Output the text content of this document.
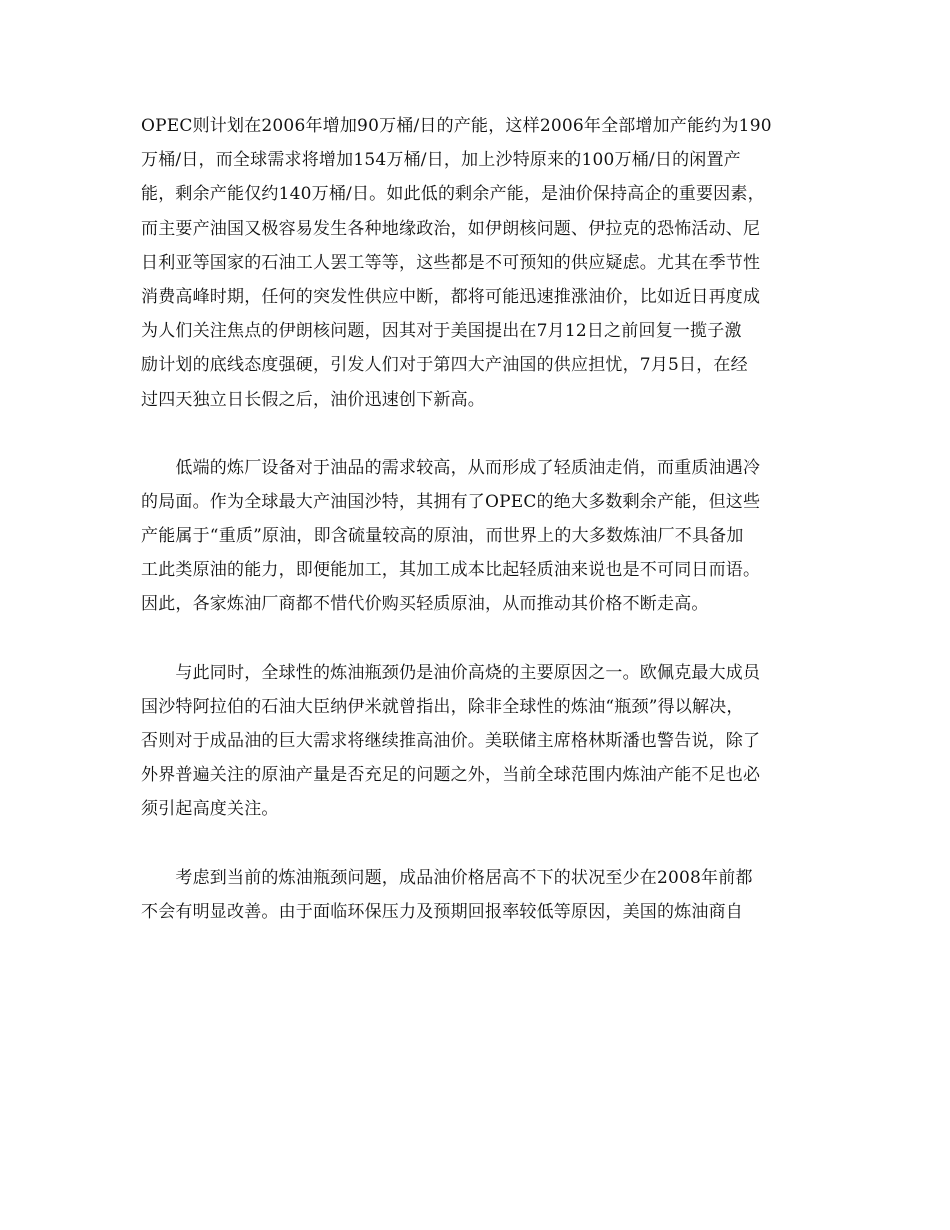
OPEC则计划在2006年增加90万桶/日的产能，这样2006年全部增加产能约为190
万桶/日，而全球需求将增加154万桶/日，加上沙特原来的100万桶/日的闲置产
能，剩余产能仅约140万桶/日。如此低的剩余产能，是油价保持高企的重要因素，
而主要产油国又极容易发生各种地缘政治，如伊朗核问题、伊拉克的恐怖活动、尼
日利亚等国家的石油工人罢工等等，这些都是不可预知的供应疑虑。尤其在季节性
消费高峰时期，任何的突发性供应中断，都将可能迅速推涨油价，比如近日再度成
为人们关注焦点的伊朗核问题，因其对于美国提出在7月12日之前回复一揽子激
励计划的底线态度强硬，引发人们对于第四大产油国的供应担忧，7月5日，在经
过四天独立日长假之后，油价迅速创下新高。

　　低端的炼厂设备对于油品的需求较高，从而形成了轻质油走俏，而重质油遇冷
的局面。作为全球最大产油国沙特，其拥有了OPEC的绝大多数剩余产能，但这些
产能属于“重质”原油，即含硫量较高的原油，而世界上的大多数炼油厂不具备加
工此类原油的能力，即便能加工，其加工成本比起轻质油来说也是不可同日而语。
因此，各家炼油厂商都不惜代价购买轻质原油，从而推动其价格不断走高。

　　与此同时，全球性的炼油瓶颈仍是油价高烧的主要原因之一。欧佩克最大成员
国沙特阿拉伯的石油大臣纳伊米就曾指出，除非全球性的炼油“瓶颈”得以解决，
否则对于成品油的巨大需求将继续推高油价。美联储主席格林斯潘也警告说，除了
外界普遍关注的原油产量是否充足的问题之外，当前全球范围内炼油产能不足也必
须引起高度关注。

　　考虑到当前的炼油瓶颈问题，成品油价格居高不下的状况至少在2008年前都
不会有明显改善。由于面临环保压力及预期回报率较低等原因，美国的炼油商自
